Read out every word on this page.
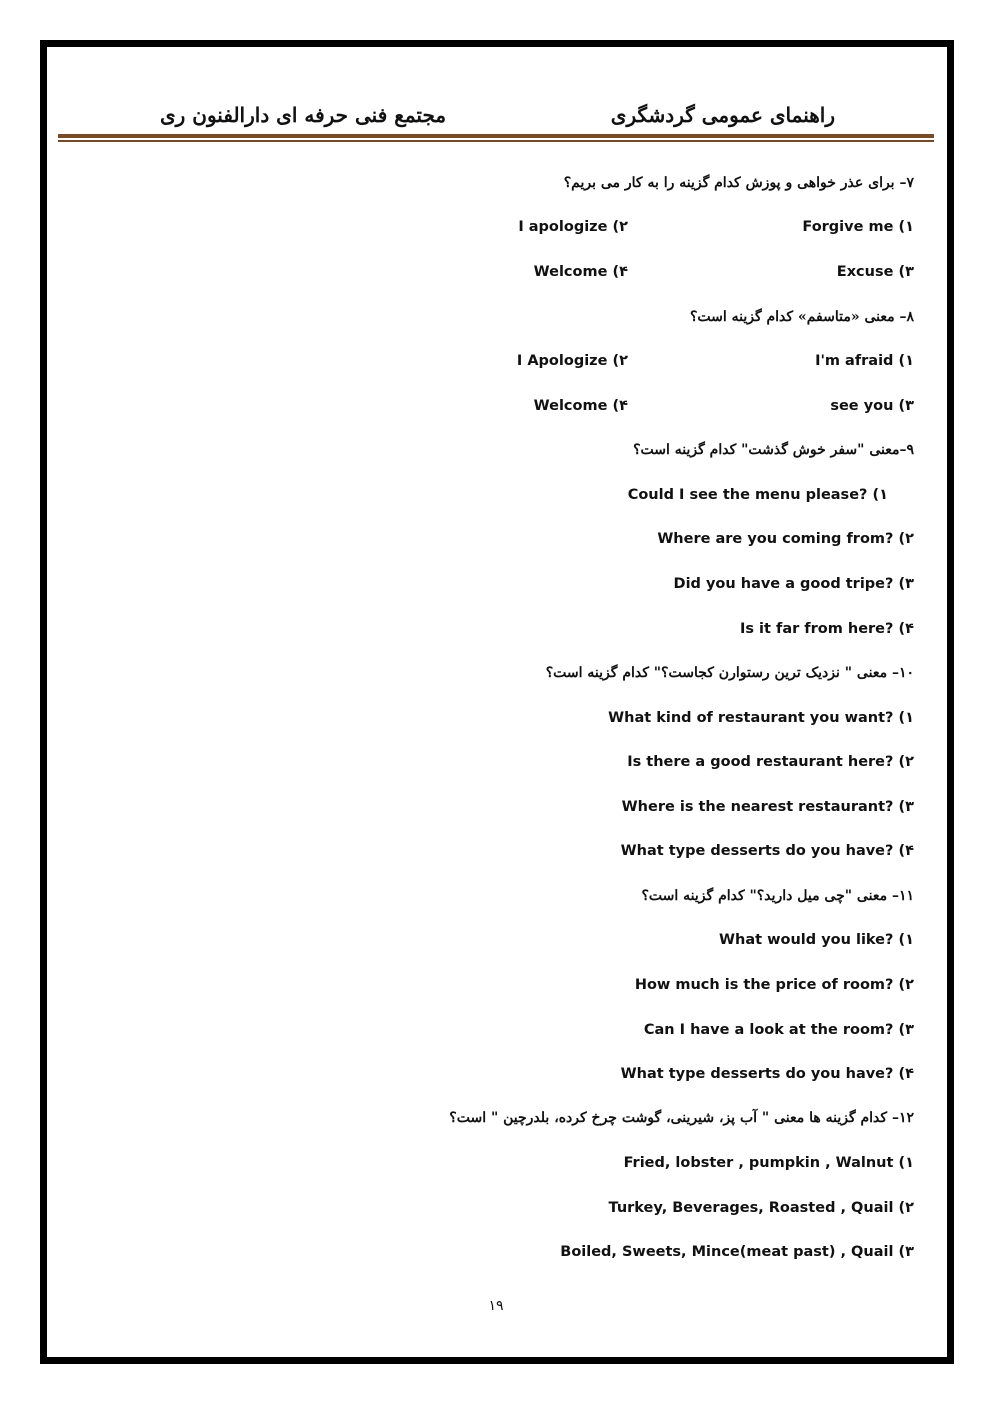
راهنمای عمومی گردشگری
مجتمع فنی حرفه ای دارالفنون ری
۷– برای عذر خواهی و پوزش کدام گزینه را به کار می بریم؟
۱) Forgive me
۲) I apologize
۳) Excuse
۴) Welcome
۸– معنی «متاسفم» کدام گزینه است؟
۱) I'm afraid
۲) I Apologize
۳) see you
۴) Welcome
۹–معنی "سفر خوش گذشت" کدام گزینه است؟
۱) Could I see the menu please?
۲) Where are you coming from?
۳) Did you have a good tripe?
۴) Is it far from here?
۱۰– معنی " نزدیک ترین رستوارن کجاست؟" کدام گزینه است؟
۱) What kind of restaurant you want?
۲) Is there a good restaurant here?
۳) Where is the nearest restaurant?
۴) What type desserts do you have?
۱۱– معنی "چی میل دارید؟" کدام گزینه است؟
۱) What would you like?
۲) How much is the price of room?
۳) Can I have a look at the room?
۴) What type desserts do you have?
۱۲– کدام گزینه ها معنی " آب پز، شیرینی، گوشت چرخ کرده، بلدرچین " است؟
۱) Fried, lobster , pumpkin , Walnut
۲) Turkey, Beverages, Roasted , Quail
۳) Boiled, Sweets, Mince(meat past) , Quail
۱۹
